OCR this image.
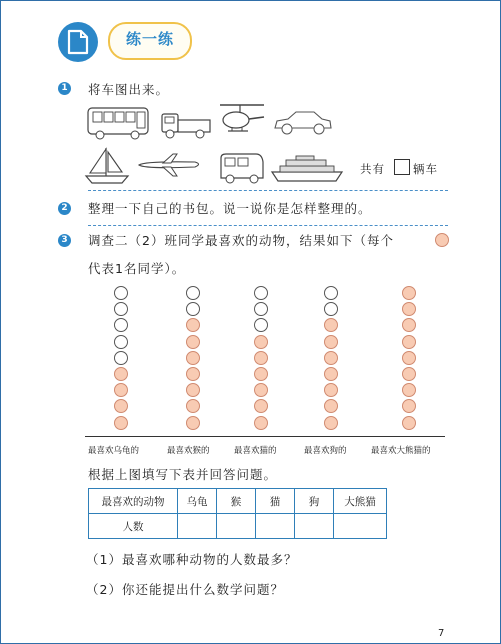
练一练
1 将车图出来。
共有 辆车
2 整理一下自己的书包。说一说你是怎样整理的。
3 调查二（2）班同学最喜欢的动物，结果如下（每个
代表1名同学）。
最喜欢乌龟的	最喜欢猴的	最喜欢猫的	最喜欢狗的	最喜欢大熊猫的
根据上图填写下表并回答问题。
最喜欢的动物	乌龟	猴	猫	狗	大熊猫
人数					
（1）最喜欢哪种动物的人数最多？
（2）你还能提出什么数学问题？
7
